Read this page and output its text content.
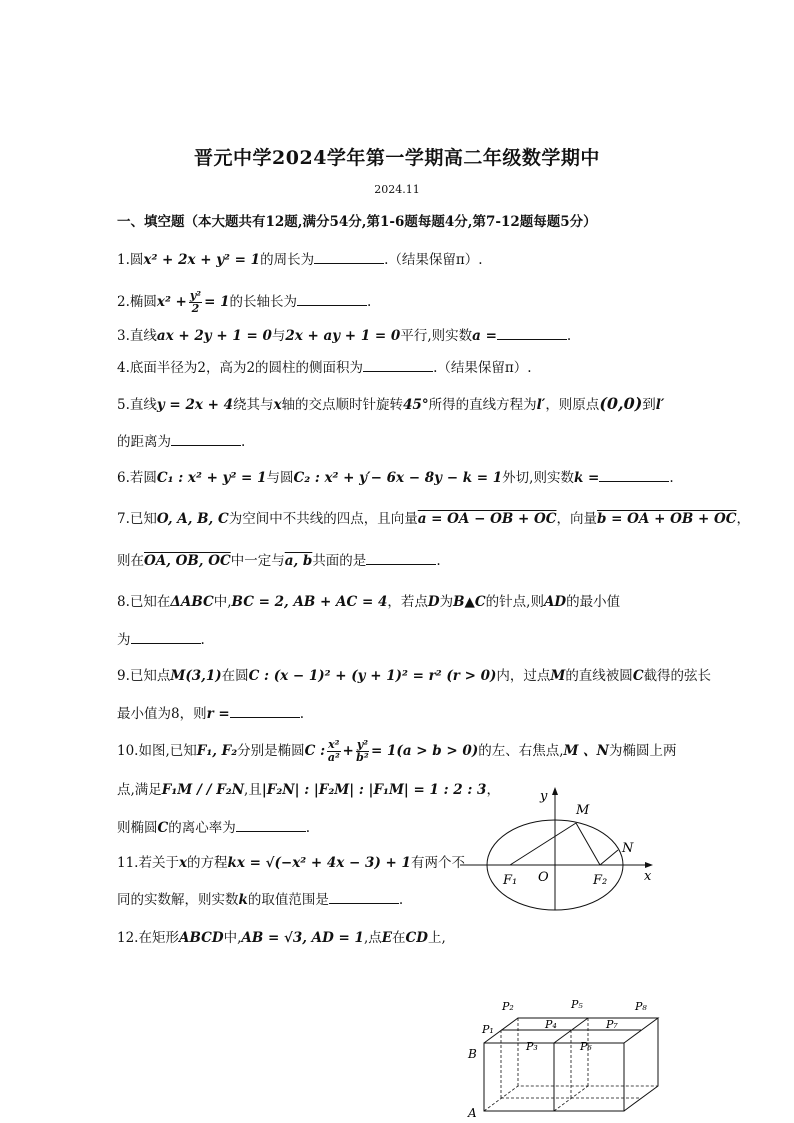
晋元中学2024学年第一学期高二年级数学期中
2024.11
一、填空题（本大题共有12题,满分54分,第1-6题每题4分,第7-12题每题5分）
1.圆x² + 2x + y² = 1的周长为	.（结果保留π）.
2.椭圆$x^2 + \frac{\text{y²}}{2} = 1$的长轴长为	.
3.直线ax + 2y + 1 = 0与2x + ay + 1 = 0平行,则实数a =	.
4.底面半径为2，高为2的圆柱的侧面积为	.（结果保留π）.
5.直线y = 2x + 4绕其与x轴的交点顺时针旋转45°所得的直线方程为l′，则原点(0,0)到l′
的距离为	.
6.若圆C₁ : x² + y² = 1与圆C₂ : x² + y′− 6x − 8y − k = 1外切,则实数k =	.
7.已知O, A, B, C为空间中不共线的四点，且向量a = OA − OB + OC，向量b = OA + OB + OC，
则在OA, OB, OC中一定与a, b共面的是	.
8.已知在ΔABC中,BC = 2, AB + AC = 4，若点D为B▲C的针点,则AD的最小值
为	.
9.已知点M(3,1)在圆C : (x − 1)² + (y + 1)² = r² (r > 0)内，过点M的直线被圆C截得的弦长
最小值为8，则r =	.
10.如图,已知F₁, F₂分别是椭圆C : $\frac{\text{x²}}{\text{a²}} + \frac{\text{y²}}{\text{b²}} = 1(a > b > 0)$的左、右焦点,M 、N为椭圆上两
点,满足F₁M / / F₂N,且|F₂N| : |F₂M| : |F₁M| = 1 : 2 : 3，
则椭圆C的离心率为	.
11.若关于x的方程kx = √(−x² + 4x − 3) + 1有两个不
同的实数解，则实数k的取值范围是	.
12.在矩形ABCD中,AB = √3, AD = 1,点E在CD上,
y
x
M
N
F₁ O	F₂
P₂	P₅	P₈
P₁	P₄	P₇
P₃	P₆
B
A
